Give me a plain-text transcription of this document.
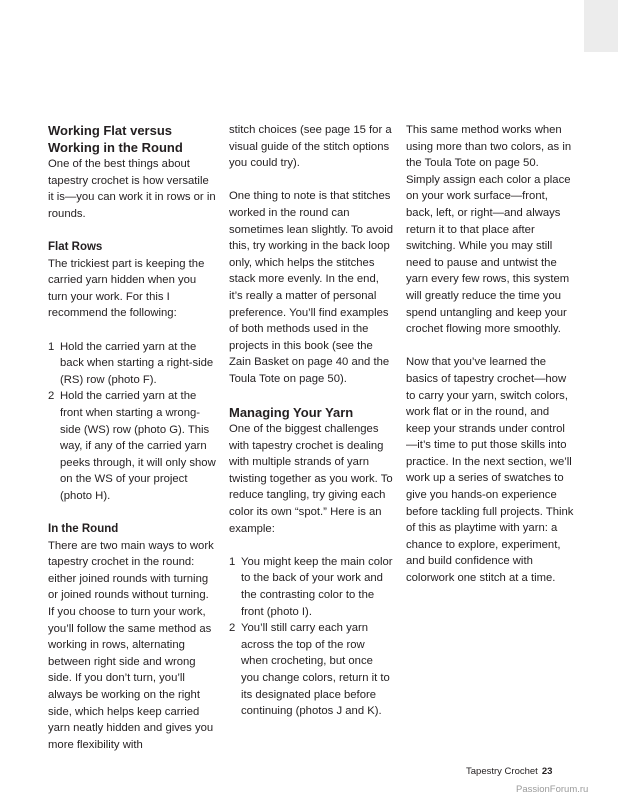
Working Flat versus
Working in the Round

One of the best things about tapestry crochet is how versatile it is—you can work it in rows or in rounds.

Flat Rows

The trickiest part is keeping the carried yarn hidden when you turn your work. For this I recommend the following:

1 Hold the carried yarn at the back when starting a right-side (RS) row (photo F).
2 Hold the carried yarn at the front when starting a wrong-side (WS) row (photo G). This way, if any of the carried yarn peeks through, it will only show on the WS of your project (photo H).
In the Round

There are two main ways to work tapestry crochet in the round: either joined rounds with turning or joined rounds without turning. If you choose to turn your work, you’ll follow the same method as working in rows, alternating between right side and wrong side. If you don’t turn, you’ll always be working on the right side, which helps keep carried yarn neatly hidden and gives you more flexibility with

stitch choices (see page 15 for a visual guide of the stitch options you could try).

One thing to note is that stitches worked in the round can sometimes lean slightly. To avoid this, try working in the back loop only, which helps the stitches stack more evenly. In the end, it’s really a matter of personal preference. You’ll find examples of both methods used in the projects in this book (see the Zain Basket on page 40 and the Toula Tote on page 50).

Managing Your Yarn

One of the biggest challenges with tapestry crochet is dealing with multiple strands of yarn twisting together as you work. To reduce tangling, try giving each color its own “spot.” Here is an example:

1 You might keep the main color to the back of your work and the contrasting color to the front (photo I).
2 You’ll still carry each yarn across the top of the row when crocheting, but once you change colors, return it to its designated place before continuing (photos J and K).

This same method works when using more than two colors, as in the Toula Tote on page 50. Simply assign each color a place on your work surface—front, back, left, or right—and always return it to that place after switching. While you may still need to pause and untwist the yarn every few rows, this system will greatly reduce the time you spend untangling and keep your crochet flowing more smoothly.

Now that you’ve learned the basics of tapestry crochet—how to carry your yarn, switch colors, work flat or in the round, and keep your strands under control—it’s time to put those skills into practice. In the next section, we’ll work up a series of swatches to give you hands-on experience before tackling full projects. Think of this as playtime with yarn: a chance to explore, experiment, and build confidence with colorwork one stitch at a time.

Tapestry Crochet 23
PassionForum.ru
